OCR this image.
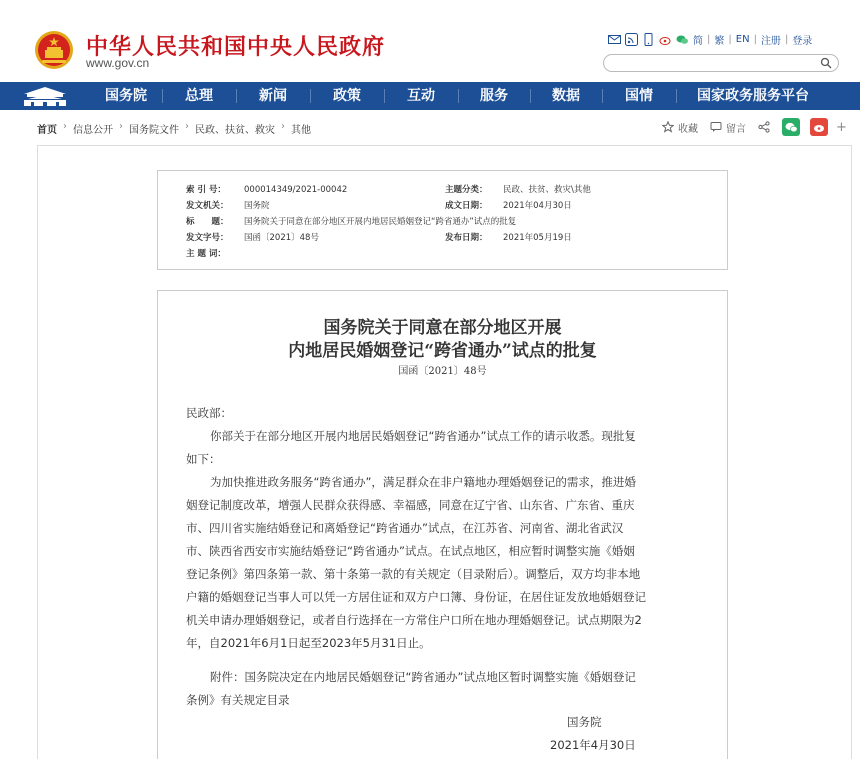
中华人民共和国中央人民政府
www.gov.cn
简 | 繁 | EN | 注册 | 登录
国务院	总理	新闻	政策	互动	服务	数据	国情	国家政务服务平台
首页 › 信息公开 › 国务院文件 › 民政、扶贫、救灾 › 其他	收藏	留言	+
索 引 号： 000014349/2021-00042	主题分类： 民政、扶贫、救灾\其他
发文机关： 国务院	成文日期： 2021年04月30日
标　　题： 国务院关于同意在部分地区开展内地居民婚姻登记“跨省通办”试点的批复
发文字号： 国函〔2021〕48号	发布日期： 2021年05月19日
主 题 词：
国务院关于同意在部分地区开展
内地居民婚姻登记“跨省通办”试点的批复
国函〔2021〕48号
民政部：
你部关于在部分地区开展内地居民婚姻登记“跨省通办”试点工作的请示收悉。现批复
如下：
为加快推进政务服务“跨省通办”，满足群众在非户籍地办理婚姻登记的需求，推进婚
姻登记制度改革，增强人民群众获得感、幸福感，同意在辽宁省、山东省、广东省、重庆
市、四川省实施结婚登记和离婚登记“跨省通办”试点，在江苏省、河南省、湖北省武汉
市、陕西省西安市实施结婚登记“跨省通办”试点。在试点地区，相应暂时调整实施《婚姻
登记条例》第四条第一款、第十条第一款的有关规定（目录附后）。调整后，双方均非本地
户籍的婚姻登记当事人可以凭一方居住证和双方户口簿、身份证，在居住证发放地婚姻登记
机关申请办理婚姻登记，或者自行选择在一方常住户口所在地办理婚姻登记。试点期限为2
年，自2021年6月1日起至2023年5月31日止。
附件：国务院决定在内地居民婚姻登记“跨省通办”试点地区暂时调整实施《婚姻登记
条例》有关规定目录
国务院
2021年4月30日
